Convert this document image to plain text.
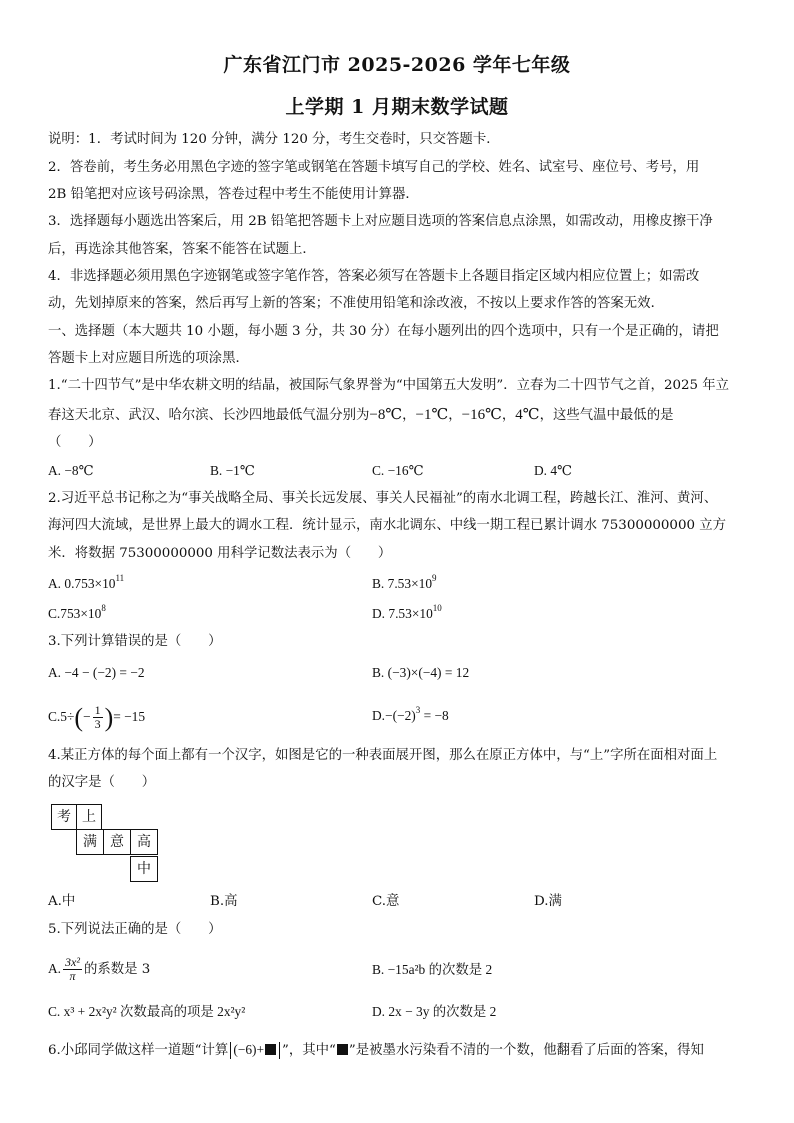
广东省江门市 2025-2026 学年七年级
上学期 1 月期末数学试题
说明：1．考试时间为 120 分钟，满分 120 分，考生交卷时，只交答题卡．
2．答卷前，考生务必用黑色字迹的签字笔或钢笔在答题卡填写自己的学校、姓名、试室号、座位号、考号，用
2B 铅笔把对应该号码涂黑，答卷过程中考生不能使用计算器．
3．选择题每小题选出答案后，用 2B 铅笔把答题卡上对应题目选项的答案信息点涂黑，如需改动，用橡皮擦干净
后，再选涂其他答案，答案不能答在试题上．
4．非选择题必须用黑色字迹钢笔或签字笔作答，答案必须写在答题卡上各题目指定区域内相应位置上；如需改
动，先划掉原来的答案，然后再写上新的答案；不准使用铅笔和涂改液，不按以上要求作答的答案无效．
一、选择题（本大题共 10 小题，每小题 3 分，共 30 分）在每小题列出的四个选项中，只有一个是正确的，请把
答题卡上对应题目所选的项涂黑．
1.“二十四节气”是中华农耕文明的结晶，被国际气象界誉为“中国第五大发明”．立春为二十四节气之首，2025 年立
春这天北京、武汉、哈尔滨、长沙四地最低气温分别为−8℃，−1℃，−16℃，4℃，这些气温中最低的是
（　　）
A. −8℃	B. −1℃	C. −16℃	D. 4℃
2.习近平总书记称之为“事关战略全局、事关长远发展、事关人民福祉”的南水北调工程，跨越长江、淮河、黄河、
海河四大流域，是世界上最大的调水工程．统计显示，南水北调东、中线一期工程已累计调水 75300000000 立方
米．将数据 75300000000 用科学记数法表示为（　　）
A. $0.753\times 10^{11}$	B. $7.53\times 10^9$
$C.753\times 10^8$	D. $7.53\times 10^{10}$
3.下列计算错误的是（　　）
A. −4 − (−2) = −2	B. (−3)×(−4) = 12
$C.5\div(- \frac{1}{3}$ )= −15	$D.-(-2)^3 = -8$
4.某正方体的每个面上都有一个汉字，如图是它的一种表面展开图，那么在原正方体中，与“上”字所在面相对面上
的汉字是（　　）
考 上
满 意 高
中
A.中	B.高	C.意	D.满
5.下列说法正确的是（　　）
A. $\frac{\text{3x²}}{\pi}$ 的系数是 3	B. −15a²b 的次数是 2
C. x³ + 2x²y² 次数最高的项是 2x²y²	D. 2x − 3y 的次数是 2
6.小邱同学做这样一道题“计算 (−6)+ ”，其中“ ”是被墨水污染看不清的一个数，他翻看了后面的答案，得知
